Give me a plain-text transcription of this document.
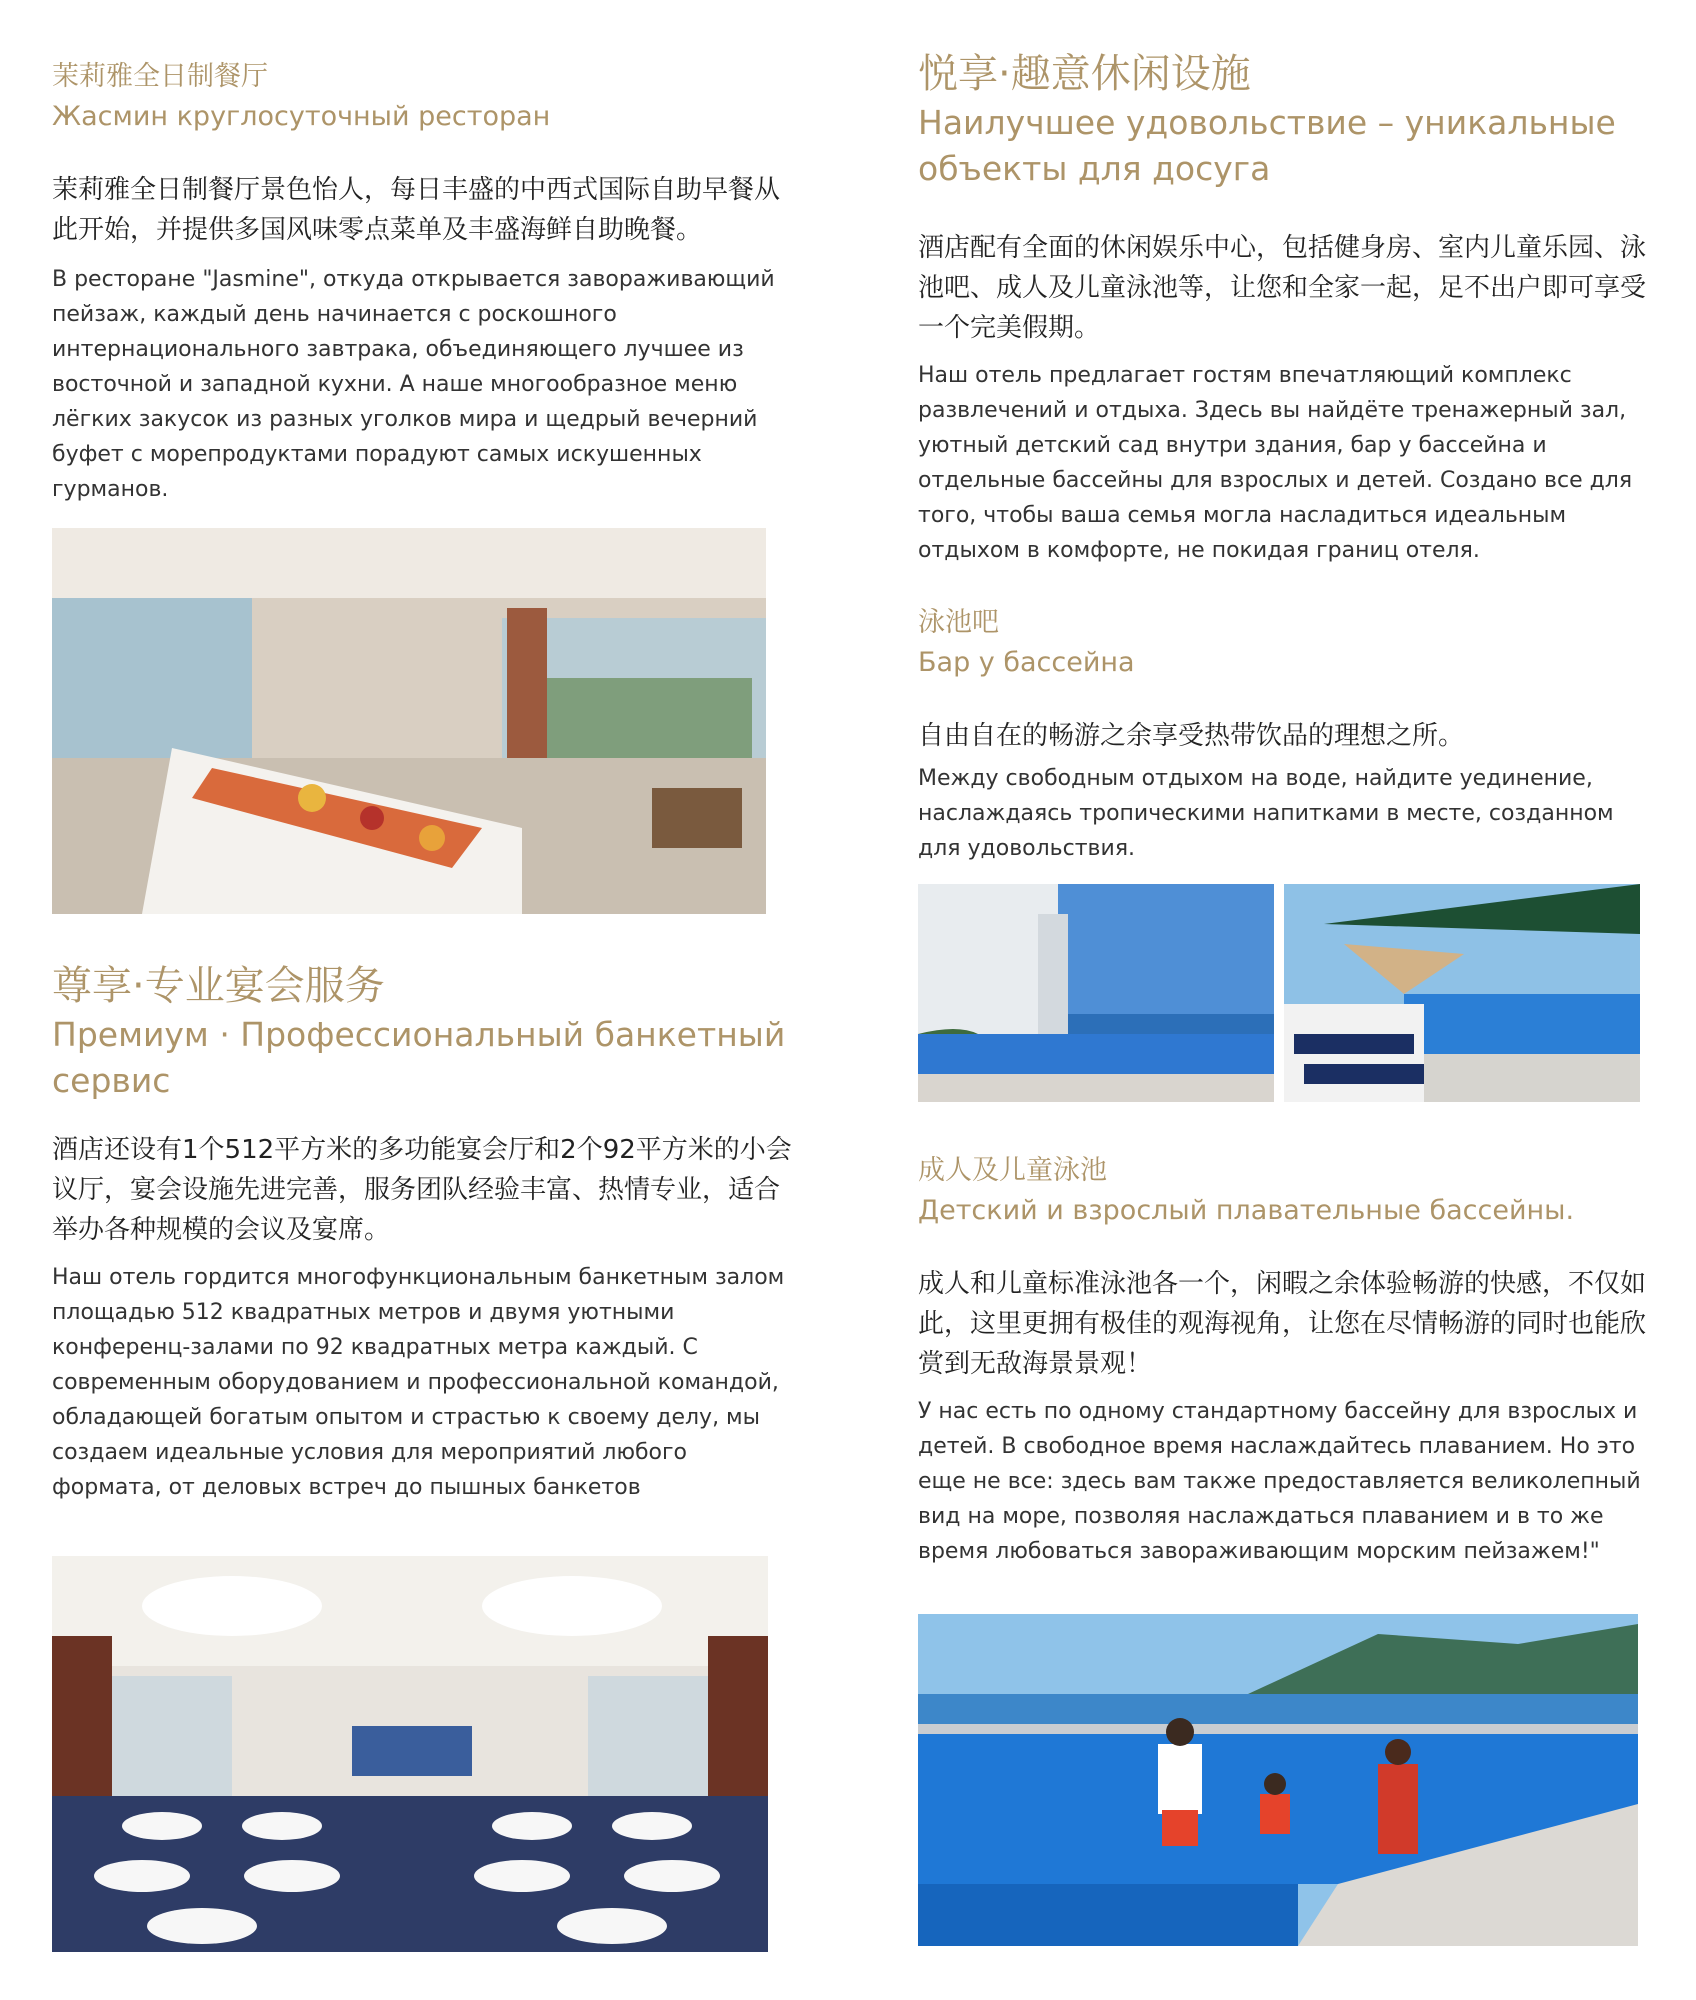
茉莉雅全日制餐厅
Жасмин круглосуточный ресторан
茉莉雅全日制餐厅景色怡人，每日丰盛的中西式国际自助早餐从此开始，并提供多国风味零点菜单及丰盛海鲜自助晚餐。
В ресторане "Jasmine", откуда открывается завораживающий пейзаж, каждый день начинается с роскошного интернационального завтрака, объединяющего лучшее из восточной и западной кухни. А наше многообразное меню лёгких закусок из разных уголков мира и щедрый вечерний буфет с морепродуктами порадуют самых искушенных гурманов.
尊享·专业宴会服务
Премиум · Профессиональный банкетный сервис
酒店还设有1个512平方米的多功能宴会厅和2个92平方米的小会议厅，宴会设施先进完善，服务团队经验丰富、热情专业，适合举办各种规模的会议及宴席。
Наш отель гордится многофункциональным банкетным залом площадью 512 квадратных метров и двумя уютными конференц-залами по 92 квадратных метра каждый. С современным оборудованием и профессиональной командой, обладающей богатым опытом и страстью к своему делу, мы создаем идеальные условия для мероприятий любого формата, от деловых встреч до пышных банкетов
悦享·趣意休闲设施
Наилучшее удовольствие – уникальные объекты для досуга
酒店配有全面的休闲娱乐中心，包括健身房、室内儿童乐园、泳池吧、成人及儿童泳池等，让您和全家一起，足不出户即可享受一个完美假期。
Наш отель предлагает гостям впечатляющий комплекс развлечений и отдыха. Здесь вы найдёте тренажерный зал, уютный детский сад внутри здания, бар у бассейна и отдельные бассейны для взрослых и детей. Создано все для того, чтобы ваша семья могла насладиться идеальным отдыхом в комфорте, не покидая границ отеля.
泳池吧
Бар у бассейна
自由自在的畅游之余享受热带饮品的理想之所。
Между свободным отдыхом на воде, найдите уединение, наслаждаясь тропическими напитками в месте, созданном для удовольствия.
成人及儿童泳池
Детский и взрослый плавательные бассейны.
成人和儿童标准泳池各一个，闲暇之余体验畅游的快感，不仅如此，这里更拥有极佳的观海视角，让您在尽情畅游的同时也能欣赏到无敌海景景观！
У нас есть по одному стандартному бассейну для взрослых и детей. В свободное время наслаждайтесь плаванием. Но это еще не все: здесь вам также предоставляется великолепный вид на море, позволяя наслаждаться плаванием и в то же время любоваться завораживающим морским пейзажем!"
